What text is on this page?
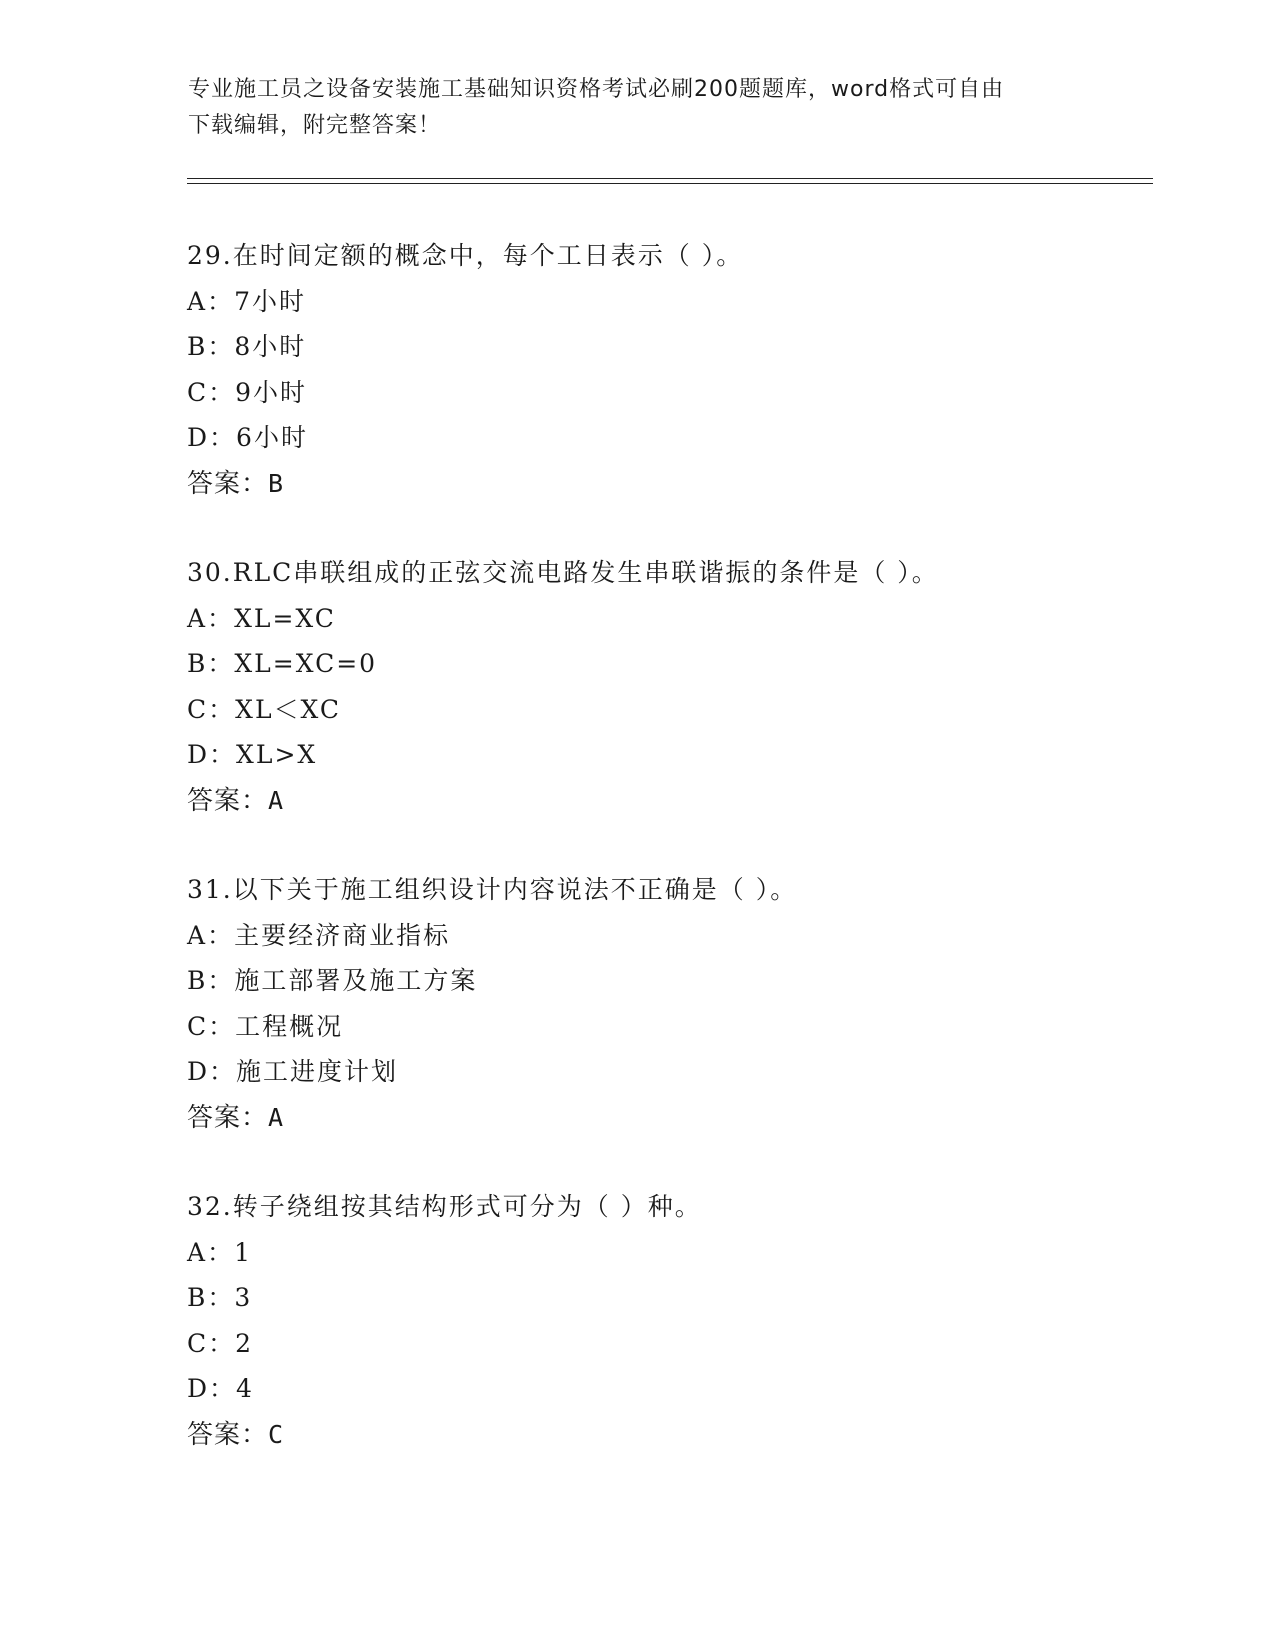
专业施工员之设备安装施工基础知识资格考试必刷200题题库，word格式可自由
下载编辑，附完整答案！
29.在时间定额的概念中，每个工日表示（ ）。
A：7小时
B：8小时
C：9小时
D：6小时
答案：B
30.RLC串联组成的正弦交流电路发生串联谐振的条件是（ ）。
A：XL=XC
B：XL=XC=0
C：XL＜XC
D：XL>X
答案：A
31.以下关于施工组织设计内容说法不正确是（ ）。
A：主要经济商业指标
B：施工部署及施工方案
C：工程概况
D：施工进度计划
答案：A
32.转子绕组按其结构形式可分为（ ）种。
A：1
B：3
C：2
D：4
答案：C
